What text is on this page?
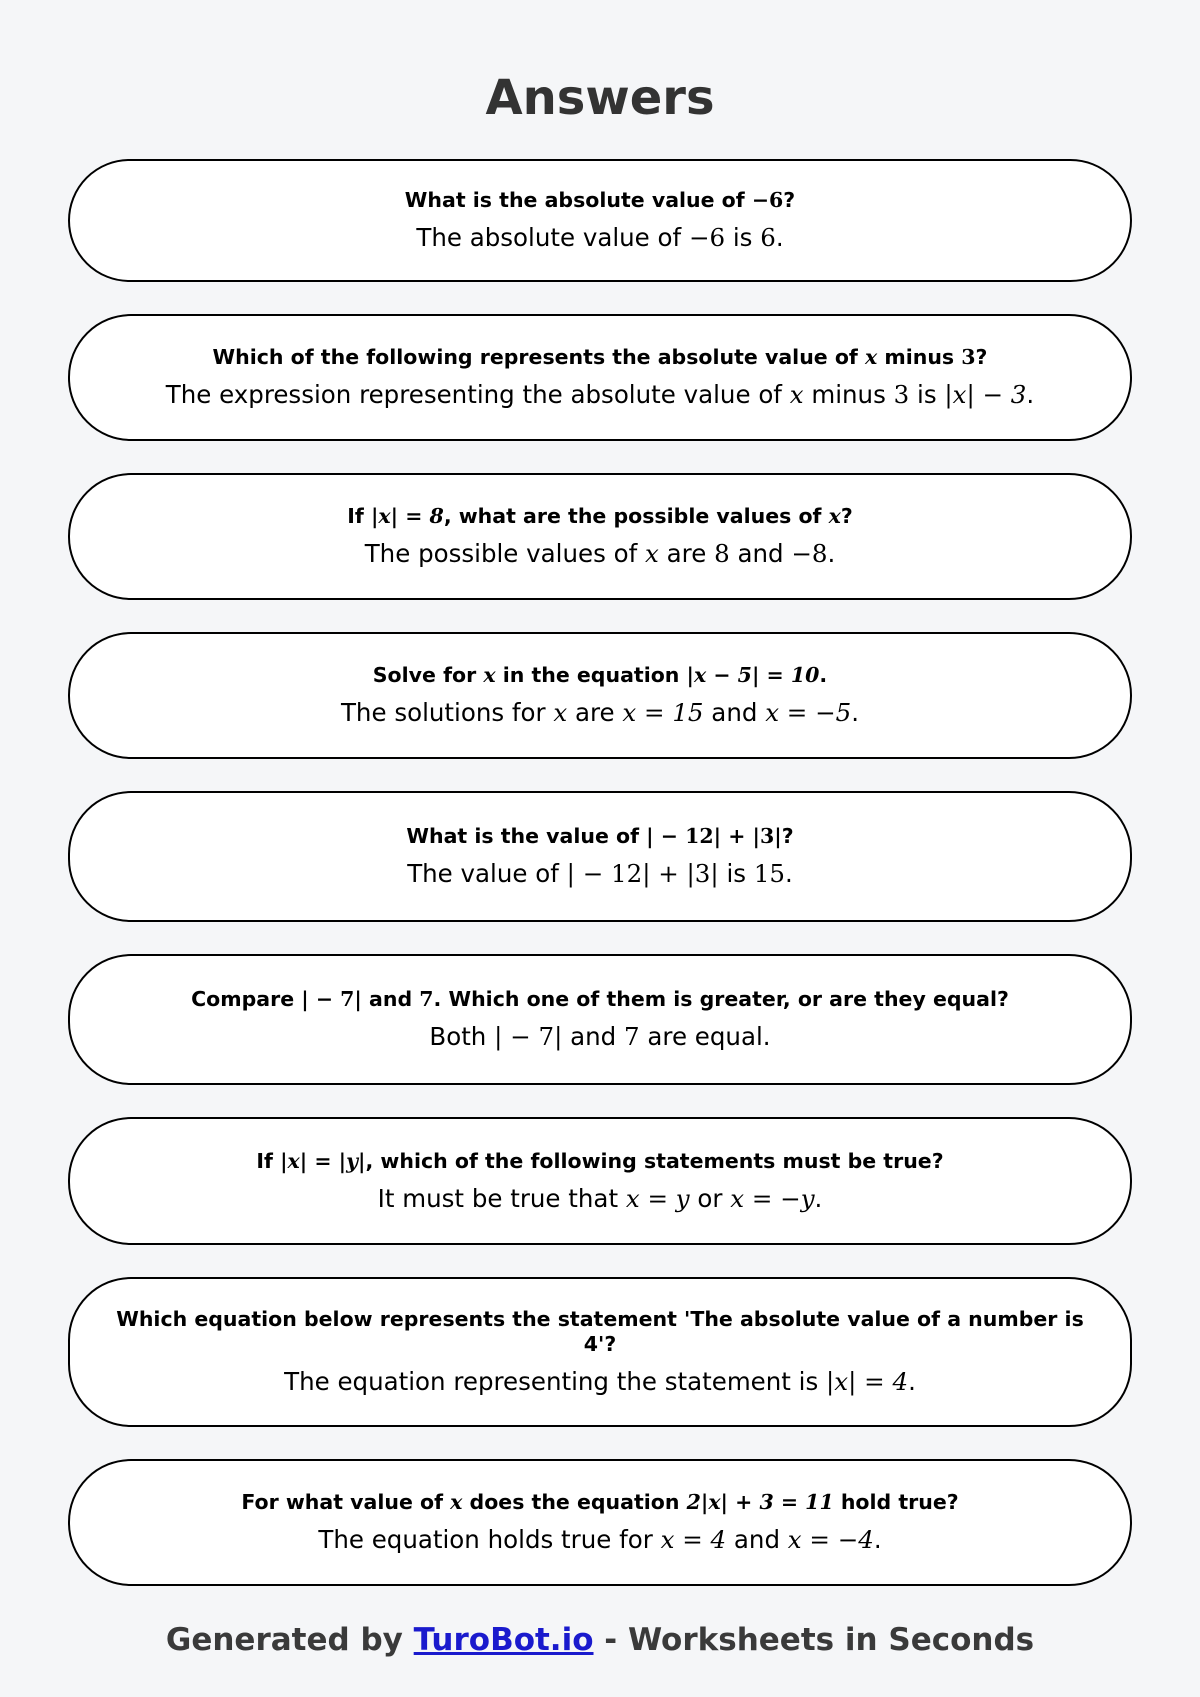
Answers
What is the absolute value of −6?
The absolute value of −6 is 6.
Which of the following represents the absolute value of x minus 3?
The expression representing the absolute value of x minus 3 is |x| − 3.
If |x| = 8, what are the possible values of x?
The possible values of x are 8 and −8.
Solve for x in the equation |x − 5| = 10.
The solutions for x are x = 15 and x = −5.
What is the value of | − 12| + |3|?
The value of | − 12| + |3| is 15.
Compare | − 7| and 7. Which one of them is greater, or are they equal?
Both | − 7| and 7 are equal.
If |x| = |y|, which of the following statements must be true?
It must be true that x = y or x = −y.
Which equation below represents the statement 'The absolute value of a number is 4'?
The equation representing the statement is |x| = 4.
For what value of x does the equation 2|x| + 3 = 11 hold true?
The equation holds true for x = 4 and x = −4.
Generated by TuroBot.io - Worksheets in Seconds
